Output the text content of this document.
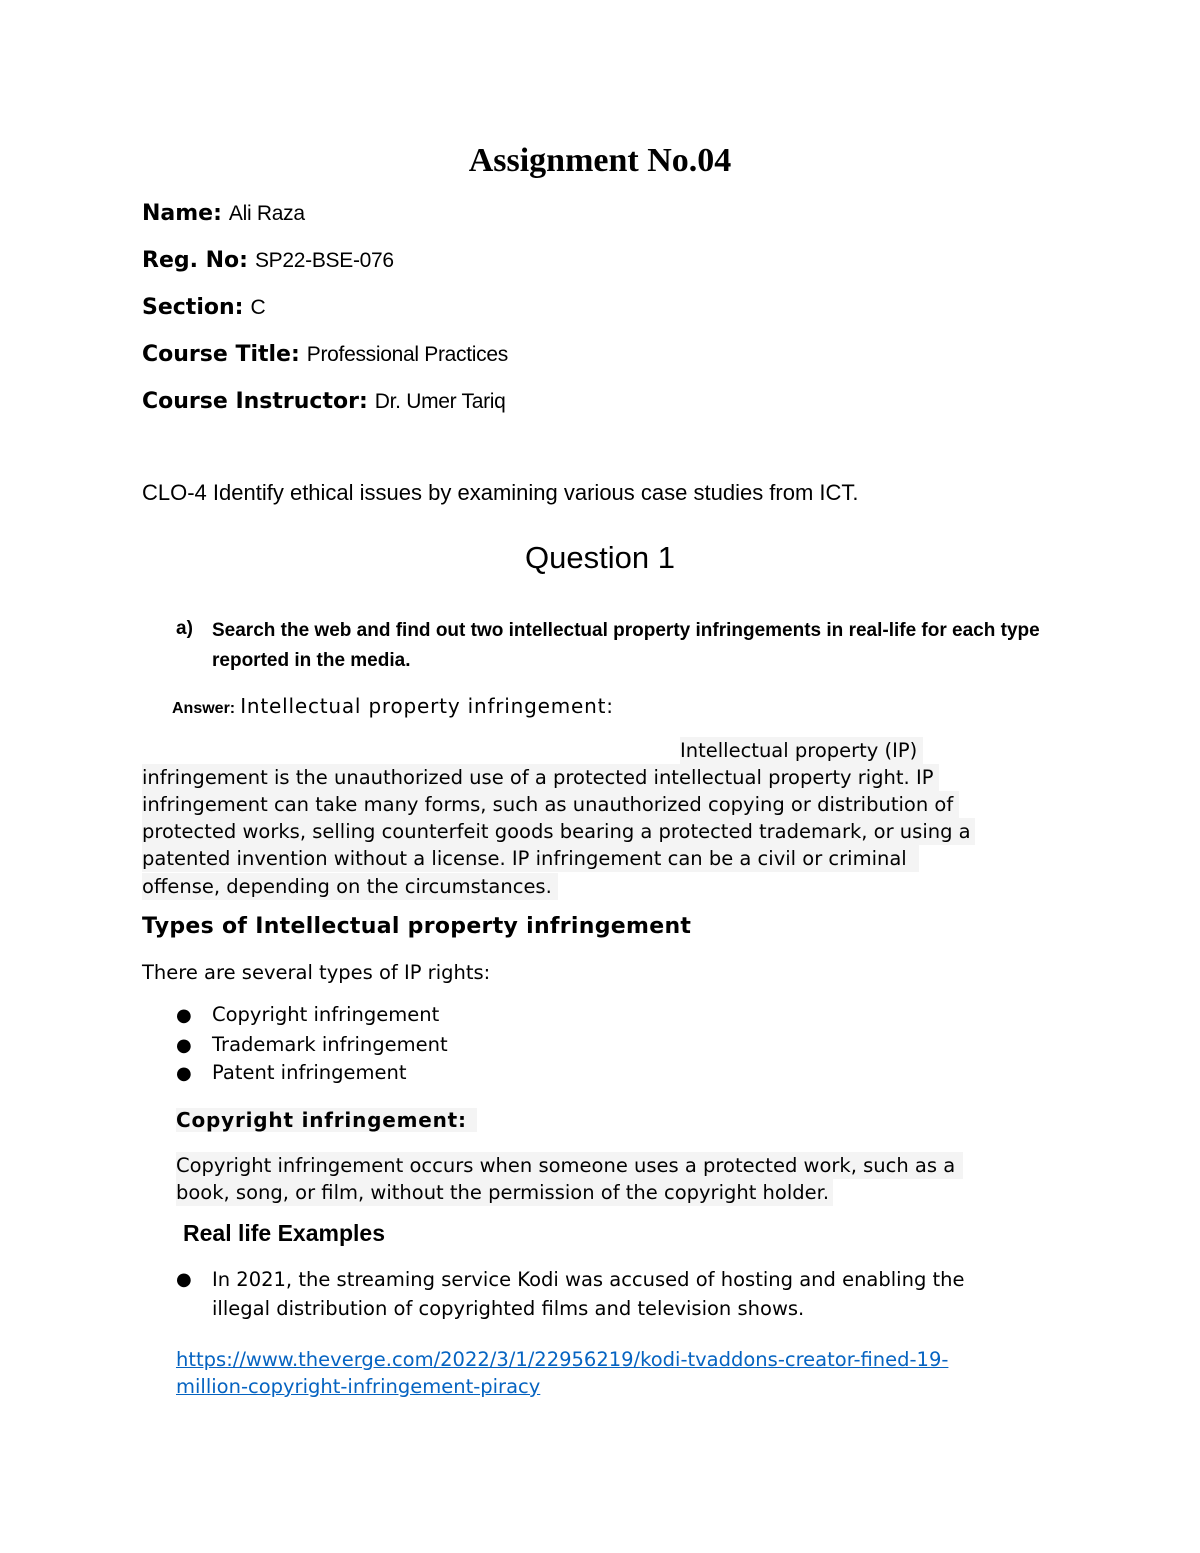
Assignment No.04
Name: Ali Raza
Reg. No: SP22-BSE-076
Section: C
Course Title: Professional Practices
Course Instructor: Dr. Umer Tariq
CLO-4 Identify ethical issues by examining various case studies from ICT.
Question 1
a) Search the web and find out two intellectual property infringements in real-life for each type reported in the media.
Answer: Intellectual property infringement:
Intellectual property (IP)
infringement is the unauthorized use of a protected intellectual property right. IP
infringement can take many forms, such as unauthorized copying or distribution of
protected works, selling counterfeit goods bearing a protected trademark, or using a
patented invention without a license. IP infringement can be a civil or criminal
offense, depending on the circumstances.
Types of Intellectual property infringement
There are several types of IP rights:
● Copyright infringement
● Trademark infringement
● Patent infringement
Copyright infringement:
Copyright infringement occurs when someone uses a protected work, such as a
book, song, or film, without the permission of the copyright holder.
Real life Examples
● In 2021, the streaming service Kodi was accused of hosting and enabling the
illegal distribution of copyrighted films and television shows.
https://www.theverge.com/2022/3/1/22956219/kodi-tvaddons-creator-fined-19-
million-copyright-infringement-piracy
